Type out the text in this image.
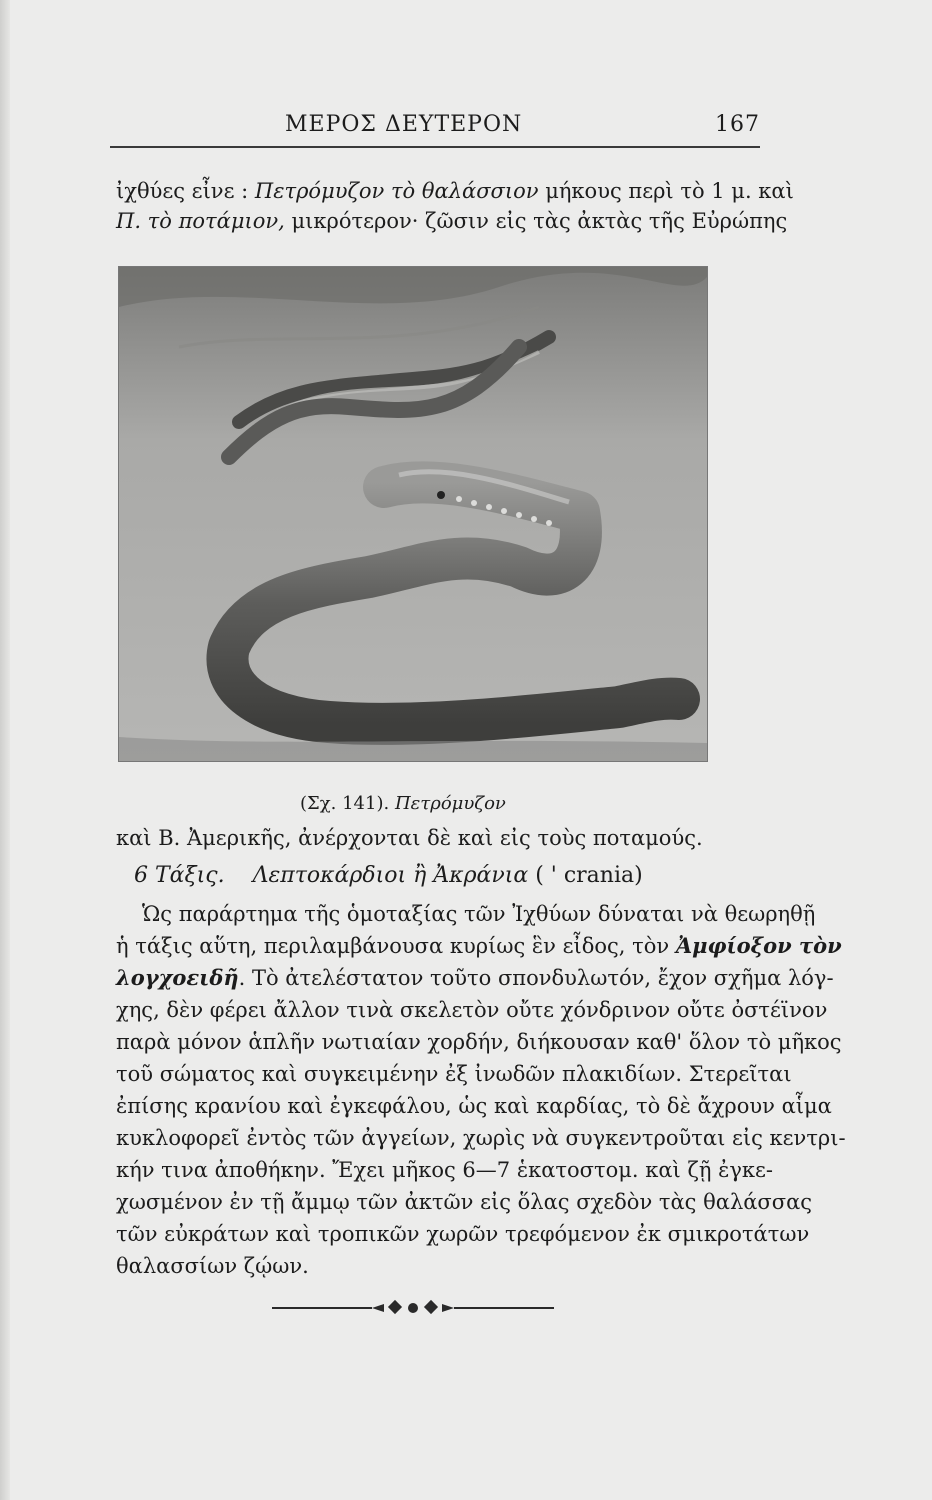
ΜΕΡΟΣ ΔΕΥΤΕΡΟΝ	167
ἰχθύες εἶνε : Πετρόμυζον τὸ θαλάσσιον μήκους περὶ τὸ 1 μ. καὶ
Π. τὸ ποτάμιον, μικρότερον· ζῶσιν εἰς τὰς ἀκτὰς τῆς Εὐρώπης
(Σχ. 141). Πετρόμυζον
καὶ Β. Ἀμερικῆς, ἀνέρχονται δὲ καὶ εἰς τοὺς ποταμούς.
6 Τάξις. Λεπτοκάρδιοι ἢ Ἀκράνια ( ' crania)
Ὡς παράρτημα τῆς ὁμοταξίας τῶν Ἰχθύων δύναται νὰ θεωρηθῇ
ἡ τάξις αὕτη, περιλαμβάνουσα κυρίως ἓν εἶδος, τὸν Ἀμφίοξον τὸν
λογχοειδῆ. Τὸ ἀτελέστατον τοῦτο σπονδυλωτόν, ἔχον σχῆμα λόγ-
χης, δὲν φέρει ἄλλον τινὰ σκελετὸν οὔτε χόνδρινον οὔτε ὀστέϊνον
παρὰ μόνον ἁπλῆν νωτιαίαν χορδήν, διήκουσαν καθ' ὅλον τὸ μῆκος
τοῦ σώματος καὶ συγκειμένην ἐξ ἰνωδῶν πλακιδίων. Στερεῖται
ἐπίσης κρανίου καὶ ἐγκεφάλου, ὡς καὶ καρδίας, τὸ δὲ ἄχρουν αἷμα
κυκλοφορεῖ ἐντὸς τῶν ἀγγείων, χωρὶς νὰ συγκεντροῦται εἰς κεντρι-
κήν τινα ἀποθήκην. Ἔχει μῆκος 6—7 ἑκατοστομ. καὶ ζῇ ἐγκε-
χωσμένον ἐν τῇ ἄμμῳ τῶν ἀκτῶν εἰς ὅλας σχεδὸν τὰς θαλάσσας
τῶν εὐκράτων καὶ τροπικῶν χωρῶν τρεφόμενον ἐκ σμικροτάτων
θαλασσίων ζῴων.
